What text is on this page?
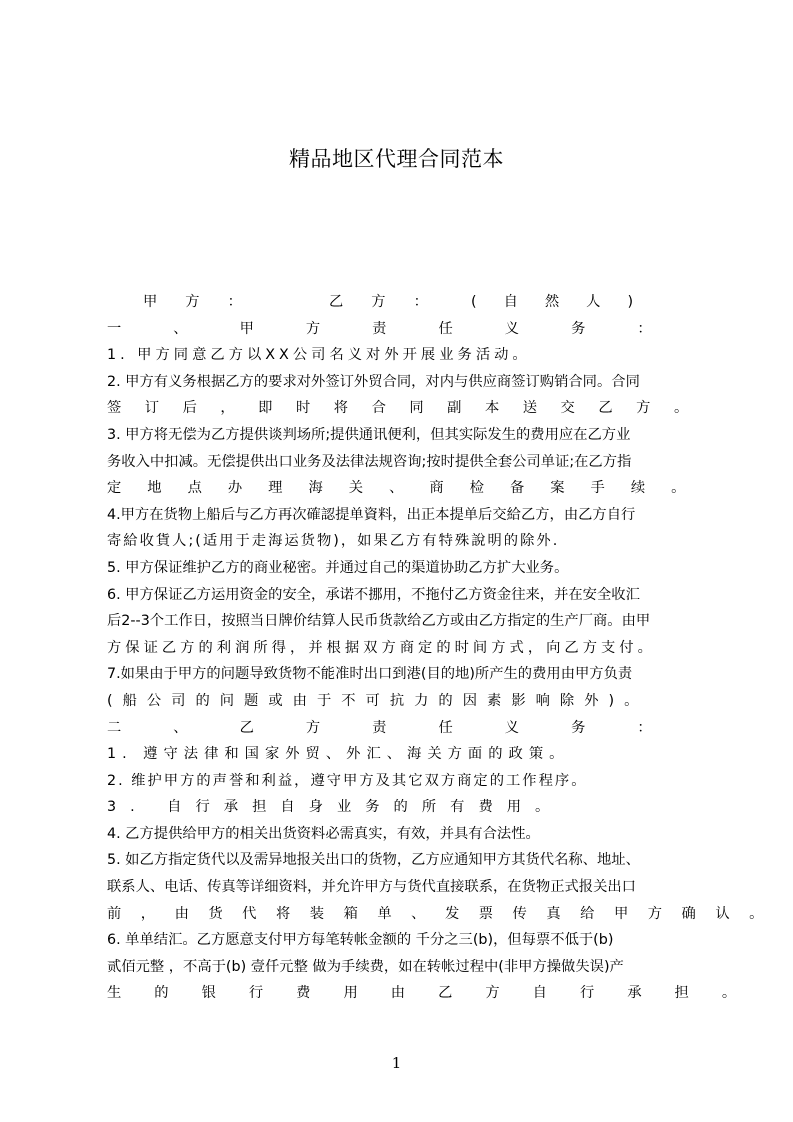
精品地区代理合同范本
甲方：	乙方： (自然人)
一、甲方责任义务：
1. 甲方同意乙方以XX公司名义对外开展业务活动。
2. 甲方有义务根据乙方的要求对外签订外贸合同，对内与供应商签订购销合同。合同
签订后，即时将合同副本送交乙方。
3. 甲方将无偿为乙方提供谈判场所;提供通讯便利，但其实际发生的费用应在乙方业
务收入中扣减。无偿提供出口业务及法律法规咨询;按时提供全套公司单证;在乙方指
定地点办理海关、商检备案手续。
4.甲方在货物上船后与乙方再次確認提单資料，出正本提单后交給乙方，由乙方自行
寄給收貨人;(适用于走海运货物)，如果乙方有特殊說明的除外.
5. 甲方保证维护乙方的商业秘密。并通过自己的渠道协助乙方扩大业务。
6. 甲方保证乙方运用资金的安全，承诺不挪用，不拖付乙方资金往来，并在安全收汇
后2--3个工作日，按照当日牌价结算人民币货款给乙方或由乙方指定的生产厂商。由甲
方保证乙方的利润所得，并根据双方商定的时间方式，向乙方支付。
7.如果由于甲方的问题导致货物不能准时出口到港(目的地)所产生的费用由甲方负责
(船公司的问题或由于不可抗力的因素影响除外)。
二、乙方责任义务：
1. 遵守法律和国家外贸、外汇、海关方面的政策。
2. 维护甲方的声誉和利益，遵守甲方及其它双方商定的工作程序。
3. 自行承担自身业务的所有费用。
4. 乙方提供给甲方的相关出货资料必需真实，有效，并具有合法性。
5. 如乙方指定货代以及需异地报关出口的货物，乙方应通知甲方其货代名称、地址、
联系人、电话、传真等详细资料，并允许甲方与货代直接联系，在货物正式报关出口
前，由货代将装箱单、发票传真给甲方确认。
6. 单单结汇。乙方愿意支付甲方每笔转帐金额的 千分之三(b)，但每票不低于(b)
贰佰元整 ，不高于(b) 壹仟元整 做为手续费，如在转帐过程中(非甲方操做失误)产
生的银行费用由乙方自行承担。
1
